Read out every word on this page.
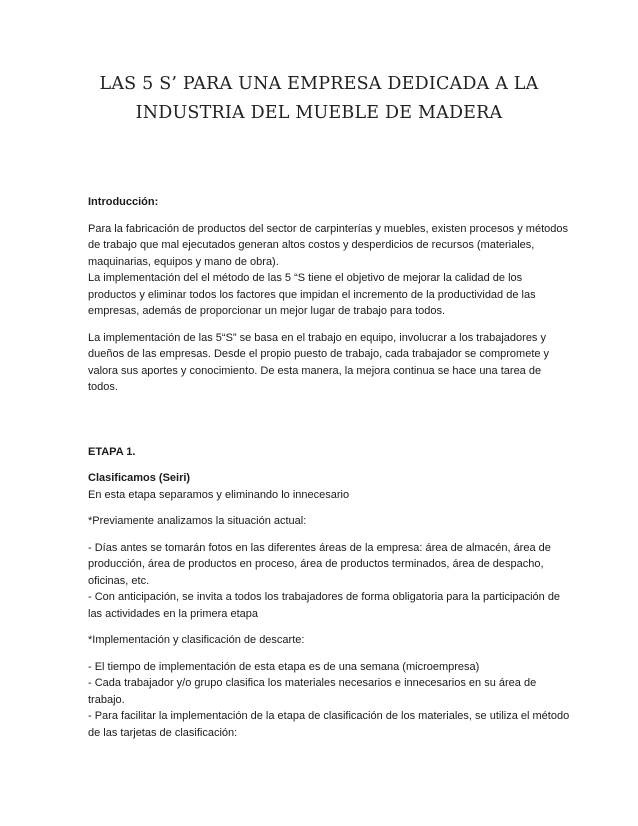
LAS 5 S’ PARA UNA EMPRESA DEDICADA A LA
INDUSTRIA DEL MUEBLE DE MADERA
Introducción:
Para la fabricación de productos del sector de carpinterías y muebles, existen procesos y métodos
de trabajo que mal ejecutados generan altos costos y desperdicios de recursos (materiales,
maquinarias, equipos y mano de obra).
La implementación del el método de las 5 “S tiene el objetivo de mejorar la calidad de los
productos y eliminar todos los factores que impidan el incremento de la productividad de las
empresas, además de proporcionar un mejor lugar de trabajo para todos.
La implementación de las 5“S” se basa en el trabajo en equipo, involucrar a los trabajadores y
dueños de las empresas. Desde el propio puesto de trabajo, cada trabajador se compromete y
valora sus aportes y conocimiento. De esta manera, la mejora continua se hace una tarea de
todos.
ETAPA 1.
Clasificamos (Seiri)
En esta etapa separamos y eliminando lo innecesario
*Previamente analizamos la situación actual:
- Días antes se tomarán fotos en las diferentes áreas de la empresa: área de almacén, área de
producción, área de productos en proceso, área de productos terminados, área de despacho,
oficinas, etc.
- Con anticipación, se invita a todos los trabajadores de forma obligatoria para la participación de
las actividades en la primera etapa
*Implementación y clasificación de descarte:
- El tiempo de implementación de esta etapa es de una semana (microempresa)
- Cada trabajador y/o grupo clasifica los materiales necesarios e innecesarios en su área de
trabajo.
- Para facilitar la implementación de la etapa de clasificación de los materiales, se utiliza el método
de las tarjetas de clasificación:
